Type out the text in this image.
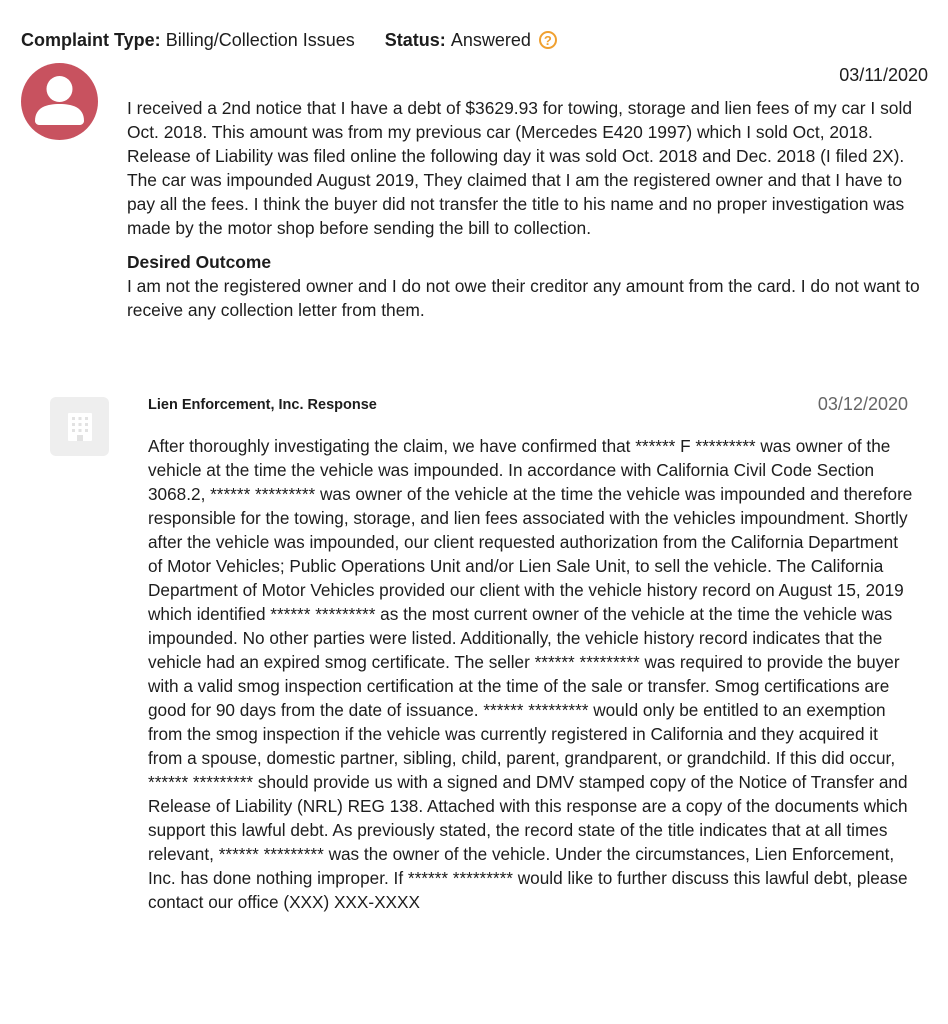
Complaint Type:
Billing/Collection Issues Status:
Answered	?
03/11/2020

I received a 2nd notice that I have a debt of $3629.93 for towing, storage and lien fees of my car I sold Oct. 2018. This amount was from my previous car (Mercedes E420 1997) which I sold Oct, 2018. Release of Liability was filed online the following day it was sold Oct. 2018 and Dec. 2018 (I filed 2X). The car was impounded August 2019, They claimed that I am the registered owner and that I have to pay all the fees. I think the buyer did not transfer the title to his name and no proper investigation was made by the motor shop before sending the bill to collection.

Desired Outcome

I am not the registered owner and I do not owe their creditor any amount from the card. I do not want to receive any collection letter from them.

Lien Enforcement, Inc. Response	03/12/2020

After thoroughly investigating the claim, we have confirmed that ****** F ********* was owner of the vehicle at the time the vehicle was impounded. In accordance with California Civil Code Section 3068.2, ****** ********* was owner of the vehicle at the time the vehicle was impounded and therefore responsible for the towing, storage, and lien fees associated with the vehicles impoundment. Shortly after the vehicle was impounded, our client requested authorization from the California Department of Motor Vehicles; Public Operations Unit and/or Lien Sale Unit, to sell the vehicle. The California Department of Motor Vehicles provided our client with the vehicle history record on August 15, 2019 which identified ****** ********* as the most current owner of the vehicle at the time the vehicle was impounded. No other parties were listed. Additionally, the vehicle history record indicates that the vehicle had an expired smog certificate. The seller ****** ********* was required to provide the buyer with a valid smog inspection certification at the time of the sale or transfer. Smog certifications are good for 90 days from the date of issuance. ****** ********* would only be entitled to an exemption from the smog inspection if the vehicle was currently registered in California and they acquired it from a spouse, domestic partner, sibling, child, parent, grandparent, or grandchild. If this did occur, ****** ********* should provide us with a signed and DMV stamped copy of the Notice of Transfer and Release of Liability (NRL) REG 138. Attached with this response are a copy of the documents which support this lawful debt. As previously stated, the record state of the title indicates that at all times relevant, ****** ********* was the owner of the vehicle. Under the circumstances, Lien Enforcement, Inc. has done nothing improper. If ****** ********* would like to further discuss this lawful debt, please contact our office (XXX) XXX-XXXX
